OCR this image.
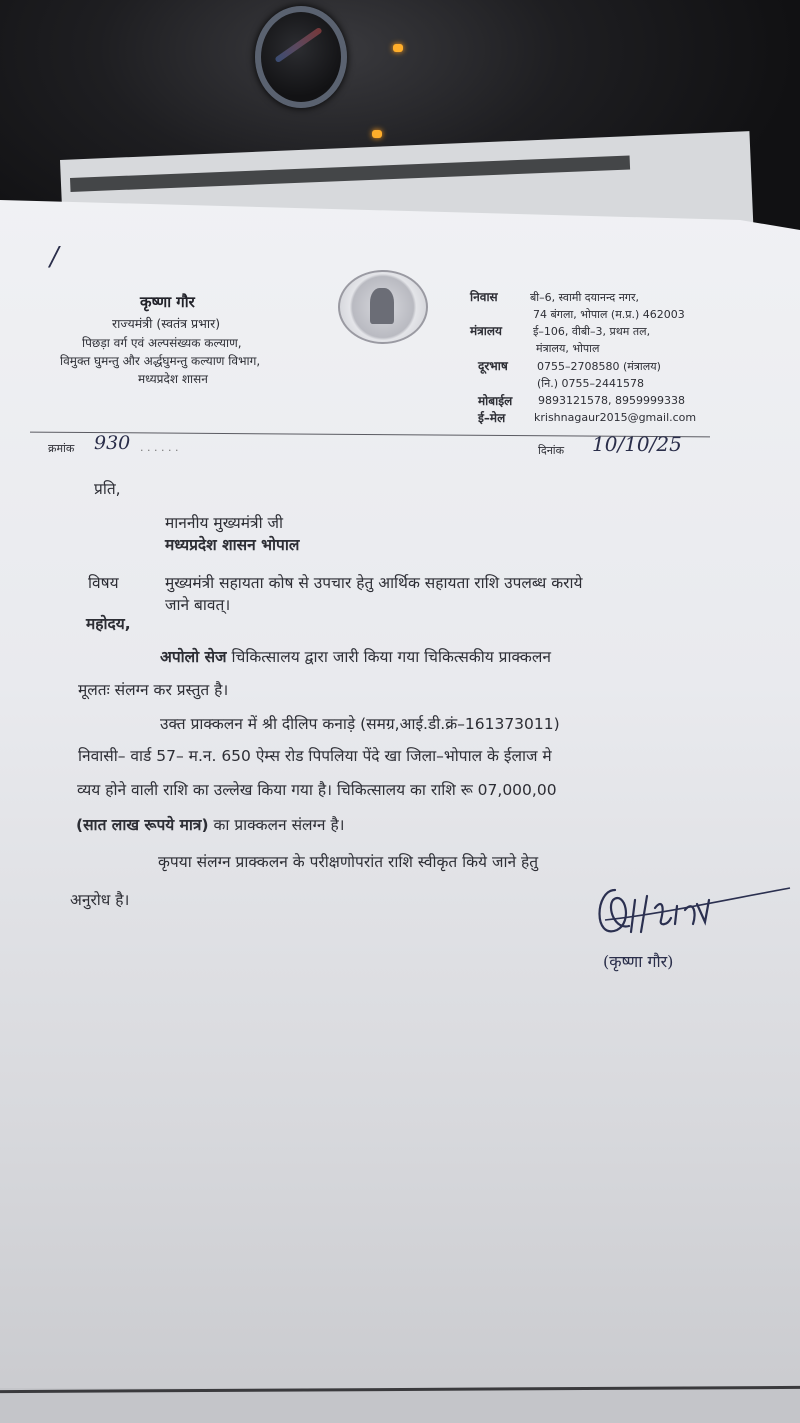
/
कृष्णा गौर
राज्यमंत्री (स्वतंत्र प्रभार)
पिछड़ा वर्ग एवं अल्पसंख्यक कल्याण,
विमुक्त घुमन्तु और अर्द्धघुमन्तु कल्याण विभाग,
मध्यप्रदेश शासन
निवास	बी–6, स्वामी दयानन्द नगर,
74 बंगला, भोपाल (म.प्र.) 462003
मंत्रालय	ई–106, वीबी–3, प्रथम तल,
मंत्रालय, भोपाल
दूरभाष	0755–2708580 (मंत्रालय)
(नि.) 0755–2441578
मोबाईल 9893121578, 8959999338
ई–मेल	krishnagaur2015@gmail.com
क्रमांक 930 . . . . . .	दिनांक 10/10/25
प्रति,
माननीय मुख्यमंत्री जी
मध्यप्रदेश शासन भोपाल
विषय	मुख्यमंत्री सहायता कोष से उपचार हेतु आर्थिक सहायता राशि उपलब्ध कराये
जाने बावत्।
महोदय,
अपोलो सेज चिकित्सालय द्वारा जारी किया गया चिकित्सकीय प्राक्कलन
मूलतः संलग्न कर प्रस्तुत है।
उक्त प्राक्कलन में श्री दीलिप कनाड़े (समग्र,आई.डी.क्रं–161373011)
निवासी– वार्ड 57– म.न. 650 ऐम्स रोड पिपलिया पेंदे खा जिला–भोपाल के ईलाज मे
व्यय होने वाली राशि का उल्लेख किया गया है। चिकित्सालय का राशि रू 07,000,00
(सात लाख रूपये मात्र) का प्राक्कलन संलग्न है।
कृपया संलग्न प्राक्कलन के परीक्षणोपरांत राशि स्वीकृत किये जाने हेतु
अनुरोध है।
(कृष्णा गौर)
